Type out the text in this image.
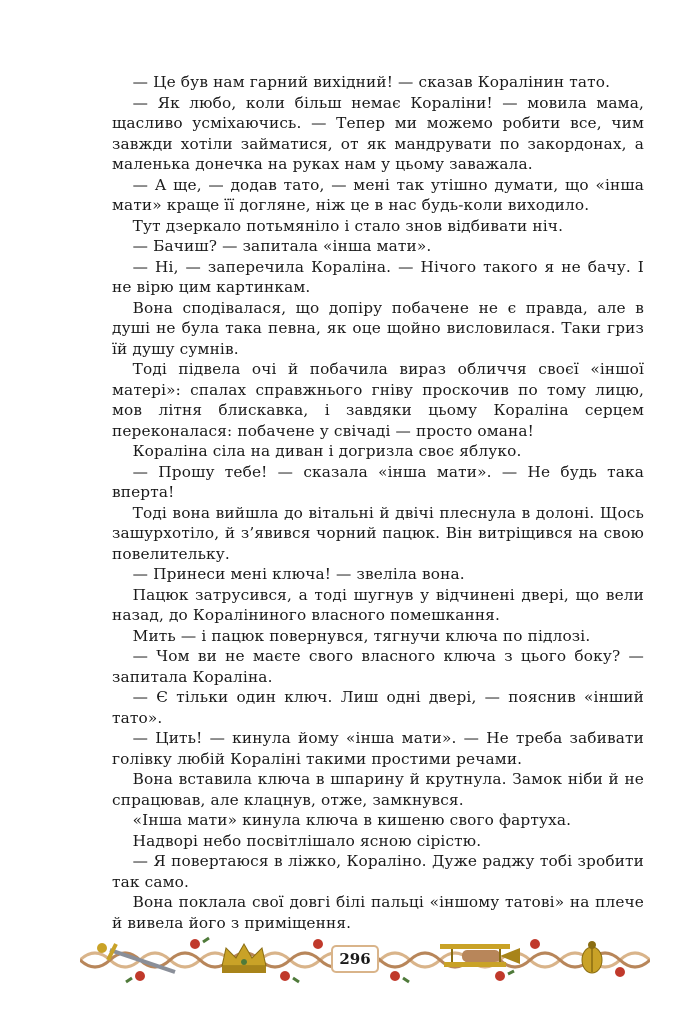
— Це був нам гарний вихідний! — сказав Коралінин тато.

— Як любо, коли більш немає Кораліни! — мовила мама, щасливо усміхаючись. — Тепер ми можемо робити все, чим завжди хотіли займатися, от як мандрувати по закордонах, а маленька донечка на руках нам у цьому заважала.

— А ще, — додав тато, — мені так утішно думати, що «інша мати» краще її догляне, ніж це в нас будь-коли виходило.

Тут дзеркало потьмяніло і стало знов відбивати ніч.

— Бачиш? — запитала «інша мати».

— Ні, — заперечила Кораліна. — Нічого такого я не бачу. І не вірю цим картинкам.

Вона сподівалася, що допіру побачене не є правда, але в душі не була така певна, як оце щойно висловилася. Таки гриз їй душу сумнів.

Тоді підвела очі й побачила вираз обличчя своєї «іншої матері»: спалах справжнього гніву проскочив по тому лицю, мов літня блискавка, і завдяки цьому Кораліна серцем переконалася: побачене у свічаді — просто омана!

Кораліна сіла на диван і догризла своє яблуко.

— Прошу тебе! — сказала «інша мати». — Не будь така вперта!

Тоді вона вийшла до вітальні й двічі плеснула в долоні. Щось зашурхотіло, й з’явився чорний пацюк. Він витріщився на свою повелительку.

— Принеси мені ключа! — звеліла вона.

Пацюк затрусився, а тоді шугнув у відчинені двері, що вели назад, до Кораліниного власного помешкання.

Мить — і пацюк повернувся, тягнучи ключа по підлозі.

— Чом ви не маєте свого власного ключа з цього боку? — запитала Кораліна.

— Є тільки один ключ. Лиш одні двері, — пояснив «інший тато».

— Цить! — кинула йому «інша мати». — Не треба забивати голівку любій Кораліні такими простими речами.

Вона вставила ключа в шпарину й крутнула. Замок ніби й не спрацював, але клацнув, отже, замкнувся.

«Інша мати» кинула ключа в кишеню свого фартуха.

Надворі небо посвітлішало ясною сірістю.

— Я повертаюся в ліжко, Кораліно. Дуже раджу тобі зробити так само.

Вона поклала свої довгі білі пальці «іншому татові» на плече й вивела його з приміщення.

296
